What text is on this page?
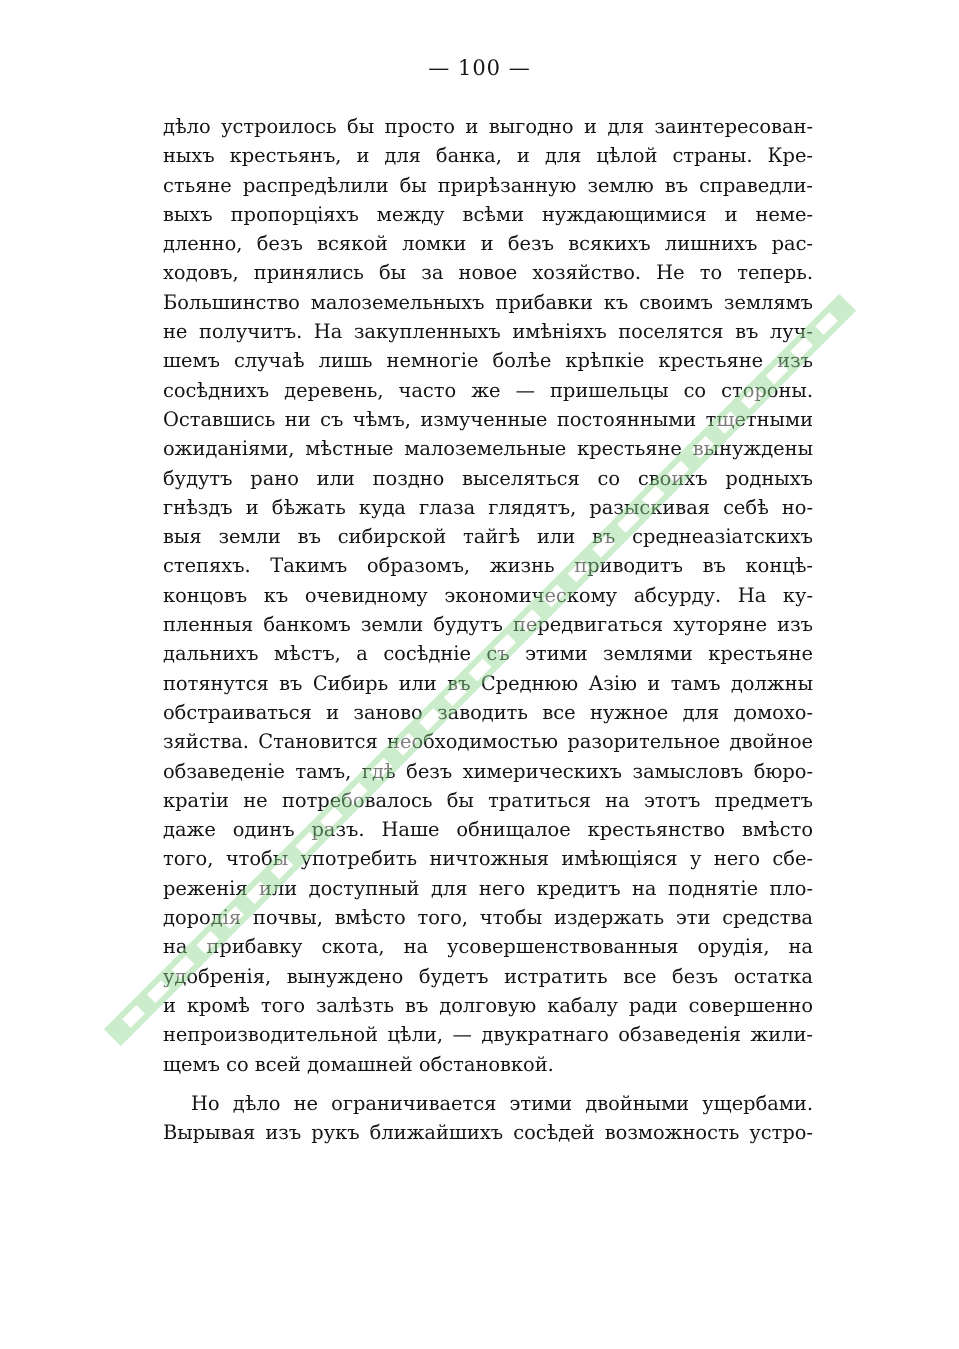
— 100 —
дѣло устроилось бы просто и выгодно и для заинтересован-
ныхъ крестьянъ, и для банка, и для цѣлой страны. Кре-
стьяне распредѣлили бы прирѣзанную землю въ справедли-
выхъ пропорціяхъ между всѣми нуждающимися и неме-
дленно, безъ всякой ломки и безъ всякихъ лишнихъ рас-
ходовъ, принялись бы за новое хозяйство. Не то теперь.
Большинство малоземельныхъ прибавки къ своимъ землямъ
не получитъ. На закупленныхъ имѣніяхъ поселятся въ луч-
шемъ случаѣ лишь немногіе болѣе крѣпкіе крестьяне изъ
сосѣднихъ деревень, часто же — пришельцы со стороны.
Оставшись ни съ чѣмъ, измученные постоянными тщетными
ожиданіями, мѣстные малоземельные крестьяне вынуждены
будутъ рано или поздно выселяться со своихъ родныхъ
гнѣздъ и бѣжать куда глаза глядятъ, разыскивая себѣ но-
выя земли въ сибирской тайгѣ или въ среднеазіатскихъ
степяхъ. Такимъ образомъ, жизнь приводитъ въ концѣ-
концовъ къ очевидному экономическому абсурду. На ку-
пленныя банкомъ земли будутъ передвигаться хуторяне изъ
дальнихъ мѣстъ, а сосѣдніе съ этими землями крестьяне
потянутся въ Сибирь или въ Среднюю Азію и тамъ должны
обстраиваться и заново заводить все нужное для домохо-
зяйства. Становится необходимостью разорительное двойное
обзаведеніе тамъ, гдѣ безъ химерическихъ замысловъ бюро-
кратіи не потребовалось бы тратиться на этотъ предметъ
даже одинъ разъ. Наше обнищалое крестьянство вмѣсто
того, чтобы употребить ничтожныя имѣющіяся у него сбе-
реженія или доступный для него кредитъ на поднятіе пло-
дородія почвы, вмѣсто того, чтобы издержать эти средства
на прибавку скота, на усовершенствованныя орудія, на
удобренія, вынуждено будетъ истратить все безъ остатка
и кромѣ того залѣзть въ долговую кабалу ради совершенно
непроизводительной цѣли, — двукратнаго обзаведенія жили-
щемъ со всей домашней обстановкой.
Но дѣло не ограничивается этими двойными ущербами.
Вырывая изъ рукъ ближайшихъ сосѣдей возможность устро-
